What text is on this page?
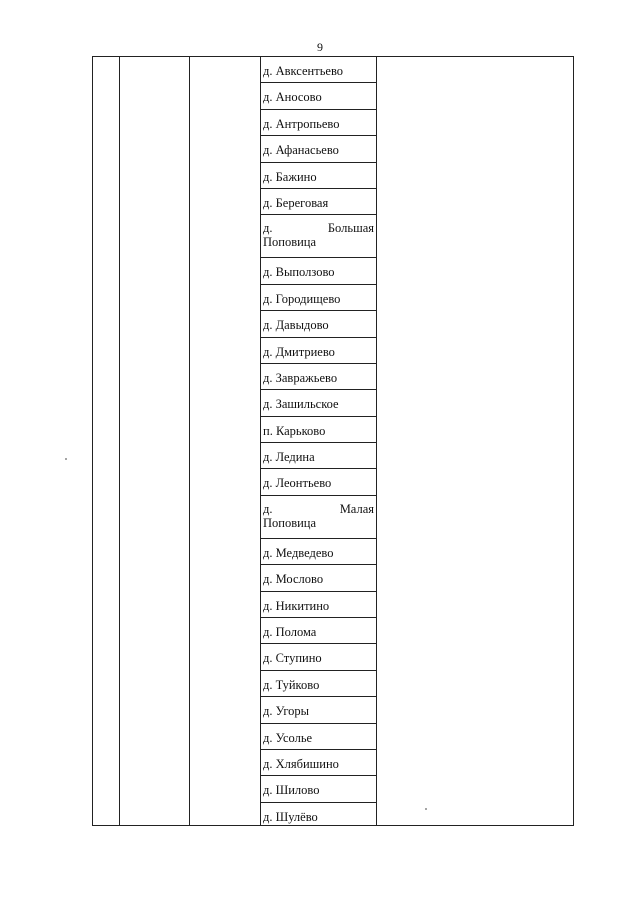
9
д. Авксентьево
д. Аносово
д. Антропьево
д. Афанасьево
д. Бажино
д. Береговая
д.	Большая
Поповица
д. Выползово
д. Городищево
д. Давыдово
д. Дмитриево
д. Завражьево
д. Зашильское
п. Карьково
д. Ледина
д. Леонтьево
д.	Малая
Поповица
д. Медведево
д. Мослово
д. Никитино
д. Полома
д. Ступино
д. Туйково
д. Угоры
д. Усолье
д. Хлябишино
д. Шилово
д. Шулёво
